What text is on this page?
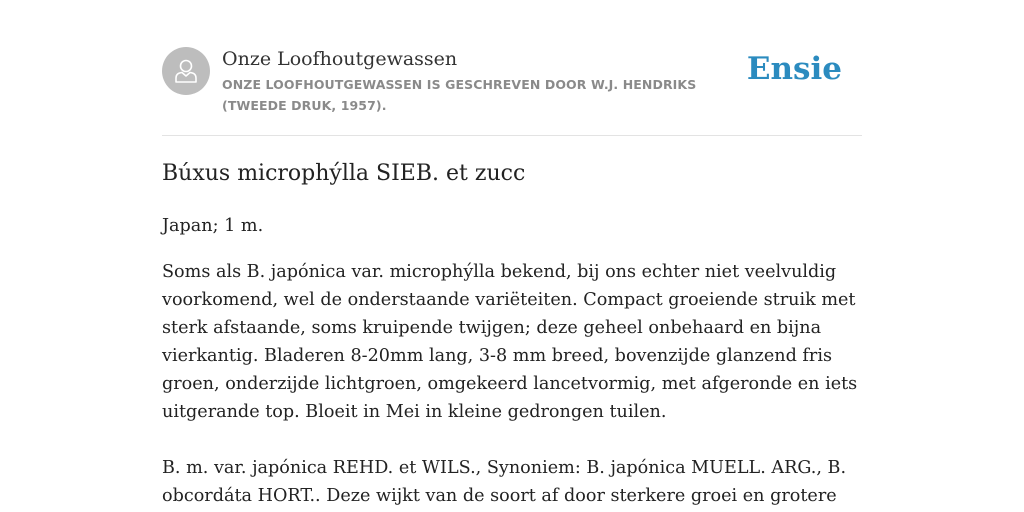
Onze Loofhoutgewassen
ONZE LOOFHOUTGEWASSEN IS GESCHREVEN DOOR W.J. HENDRIKS (TWEEDE DRUK, 1957).
Ensie
Búxus microphýlla SIEB. et zucc

Japan; 1 m.

Soms als B. japónica var. microphýlla bekend, bij ons echter niet veelvuldig voorkomend, wel de onderstaande variëteiten. Compact groeiende struik met sterk afstaande, soms kruipende twijgen; deze geheel onbehaard en bijna vierkantig. Bladeren 8-20mm lang, 3-8 mm breed, bovenzijde glanzend fris groen, onderzijde lichtgroen, omgekeerd lancetvormig, met afgeronde en iets uitgerande top. Bloeit in Mei in kleine gedrongen tuilen.

B. m. var. japónica REHD. et WILS., Synoniem: B. japónica MUELL. ARG., B. obcordáta HORT.. Deze wijkt van de soort af door sterkere groei en grotere
